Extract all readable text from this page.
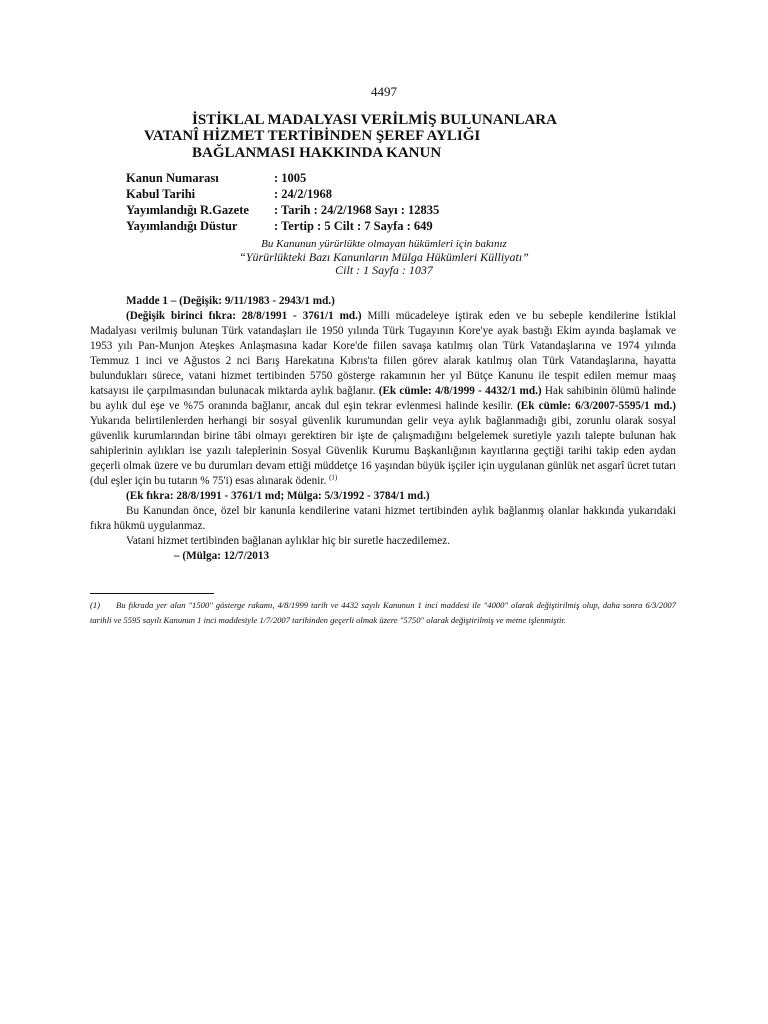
4497
İSTİKLAL MADALYASI VERİLMİŞ BULUNANLARA
VATANÎ HİZMET TERTİBİNDEN ŞEREF AYLIĞI
BAĞLANMASI HAKKINDA KANUN
Kanun Numarası	: 1005
Kabul Tarihi	: 24/2/1968
Yayımlandığı R.Gazete	: Tarih : 24/2/1968 Sayı : 12835
Yayımlandığı Düstur	: Tertip : 5 Cilt : 7 Sayfa : 649
Bu Kanunun yürürlükte olmayan hükümleri için bakınız
“Yürürlükteki Bazı Kanunların Mülga Hükümleri Külliyatı”
Cilt : 1 Sayfa : 1037
Madde 1 – (Değişik: 9/11/1983 - 2943/1 md.)

(Değişik birinci fıkra: 28/8/1991 - 3761/1 md.) Milli mücadeleye iştirak eden ve bu sebeple kendilerine İstiklal Madalyası verilmiş bulunan Türk vatandaşları ile 1950 yılında Türk Tugayının Kore'ye ayak bastığı Ekim ayında başlamak ve 1953 yılı Pan-Munjon Ateşkes Anlaşmasına kadar Kore'de fiilen savaşa katılmış olan Türk Vatandaşlarına ve 1974 yılında Temmuz 1 inci ve Ağustos 2 nci Barış Harekatına Kıbrıs'ta fiilen görev alarak katılmış olan Türk Vatandaşlarına, hayatta bulundukları sürece, vatani hizmet tertibinden 5750 gösterge rakamının her yıl Bütçe Kanunu ile tespit edilen memur maaş katsayısı ile çarpılmasından bulunacak miktarda aylık bağlanır. (Ek cümle: 4/8/1999 - 4432/1 md.) Hak sahibinin ölümü halinde bu aylık dul eşe ve %75 oranında bağlanır, ancak dul eşin tekrar evlenmesi halinde kesilir. (Ek cümle: 6/3/2007-5595/1 md.) Yukarıda belirtilenlerden herhangi bir sosyal güvenlik kurumundan gelir veya aylık bağlanmadığı gibi, zorunlu olarak sosyal güvenlik kurumlarından birine tâbi olmayı gerektiren bir işte de çalışmadığını belgelemek suretiyle yazılı talepte bulunan hak sahiplerinin aylıkları ise yazılı taleplerinin Sosyal Güvenlik Kurumu Başkanlığının kayıtlarına geçtiği tarihi takip eden aydan geçerli olmak üzere ve bu durumları devam ettiği müddetçe 16 yaşından büyük işçiler için uygulanan günlük net asgarî ücret tutarı (dul eşler için bu tutarın % 75'i) esas alınarak ödenir. $^{(1)}$

(Ek fıkra: 28/8/1991 - 3761/1 md; Mülga: 5/3/1992 - 3784/1 md.)

Bu Kanundan önce, özel bir kanunla kendilerine vatani hizmet tertibinden aylık bağlanmış olanlar hakkında yukarıdaki fıkra hükmü uygulanmaz.

Vatani hizmet tertibinden bağlanan aylıklar hiç bir suretle haczedilemez.

– (Mülga: 12/7/2013
(1) Bu fıkrada yer alan "1500" gösterge rakamı, 4/8/1999 tarih ve 4432 sayılı Kanunun 1 inci maddesi ile "4000" olarak değiştirilmiş olup, daha sonra 6/3/2007 tarihli ve 5595 sayılı Kanunun 1 inci maddesiyle 1/7/2007 tarihinden geçerli olmak üzere "5750" olarak değiştirilmiş ve metne işlenmiştir.
